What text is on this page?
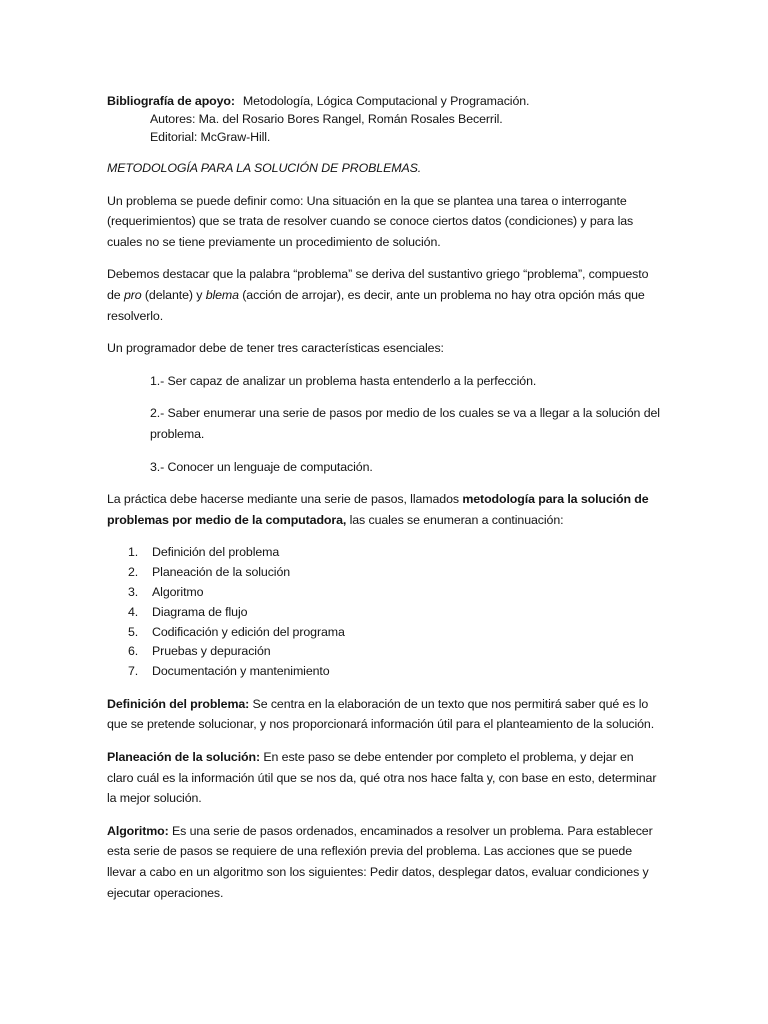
Bibliografía de apoyo: Metodología, Lógica Computacional y Programación.
Autores: Ma. del Rosario Bores Rangel, Román Rosales Becerril.
Editorial: McGraw-Hill.

METODOLOGÍA PARA LA SOLUCIÓN DE PROBLEMAS.

Un problema se puede definir como: Una situación en la que se plantea una tarea o interrogante (requerimientos) que se trata de resolver cuando se conoce ciertos datos (condiciones) y para las cuales no se tiene previamente un procedimiento de solución.

Debemos destacar que la palabra “problema” se deriva del sustantivo griego “problema”, compuesto de pro (delante) y blema (acción de arrojar), es decir, ante un problema no hay otra opción más que resolverlo.

Un programador debe de tener tres características esenciales:

1.- Ser capaz de analizar un problema hasta entenderlo a la perfección.

2.- Saber enumerar una serie de pasos por medio de los cuales se va a llegar a la solución del problema.

3.- Conocer un lenguaje de computación.

La práctica debe hacerse mediante una serie de pasos, llamados metodología para la solución de problemas por medio de la computadora, las cuales se enumeran a continuación:

1.	Definición del problema
2.	Planeación de la solución
3.	Algoritmo
4.	Diagrama de flujo
5.	Codificación y edición del programa
6.	Pruebas y depuración
7.	Documentación y mantenimiento

Definición del problema: Se centra en la elaboración de un texto que nos permitirá saber qué es lo que se pretende solucionar, y nos proporcionará información útil para el planteamiento de la solución.

Planeación de la solución: En este paso se debe entender por completo el problema, y dejar en claro cuál es la información útil que se nos da, qué otra nos hace falta y, con base en esto, determinar la mejor solución.

Algoritmo: Es una serie de pasos ordenados, encaminados a resolver un problema. Para establecer esta serie de pasos se requiere de una reflexión previa del problema. Las acciones que se puede llevar a cabo en un algoritmo son los siguientes: Pedir datos, desplegar datos, evaluar condiciones y ejecutar operaciones.
